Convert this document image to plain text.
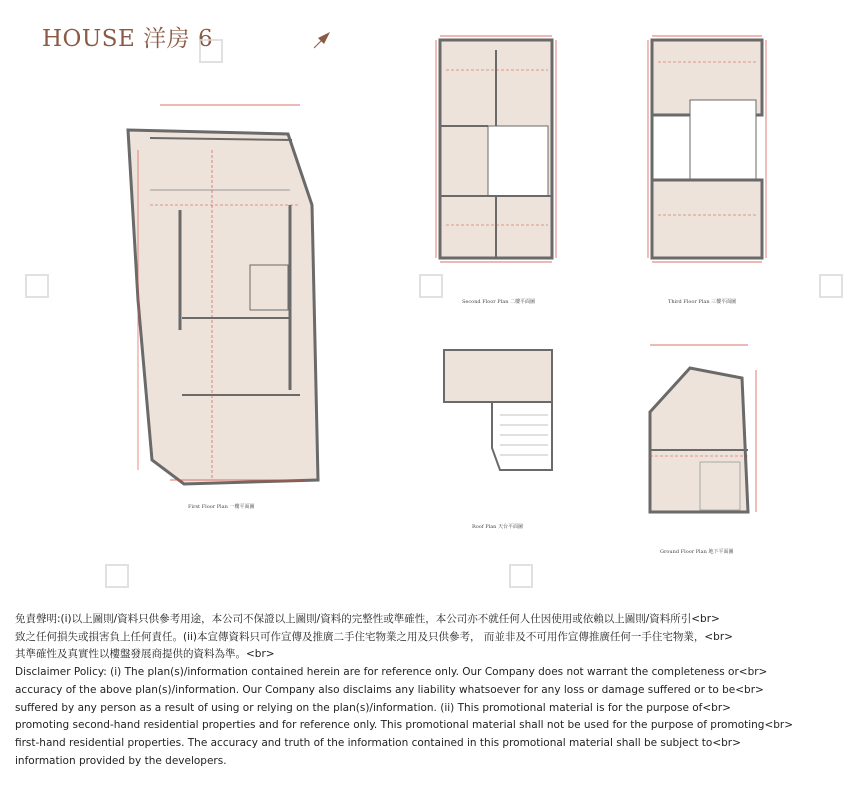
HOUSE 洋房 6
First Floor Plan 一樓平面圖
Second Floor Plan 二樓平面圖	Third Floor Plan 三樓平面圖
Roof Plan 天台平面圖
Ground Floor Plan 地下平面圖
免責聲明:(i)以上圖則/資料只供參考用途，本公司不保證以上圖則/資料的完整性或準確性，本公司亦不就任何人仕因使用或依賴以上圖則/資料所引<br>
致之任何損失或損害負上任何責任。(ii)本宣傳資料只可作宣傳及推廣二手住宅物業之用及只供參考， 而並非及不可用作宣傳推廣任何一手住宅物業，<br>
其準確性及真實性以樓盤發展商提供的資料為準。<br>
Disclaimer Policy: (i) The plan(s)/information contained herein are for reference only. Our Company does not warrant the completeness or<br>
accuracy of the above plan(s)/information. Our Company also disclaims any liability whatsoever for any loss or damage suffered or to be<br>
suffered by any person as a result of using or relying on the plan(s)/information. (ii) This promotional material is for the purpose of<br>
promoting second-hand residential properties and for reference only. This promotional material shall not be used for the purpose of promoting<br>
first-hand residential properties. The accuracy and truth of the information contained in this promotional material shall be subject to<br>
information provided by the developers.
